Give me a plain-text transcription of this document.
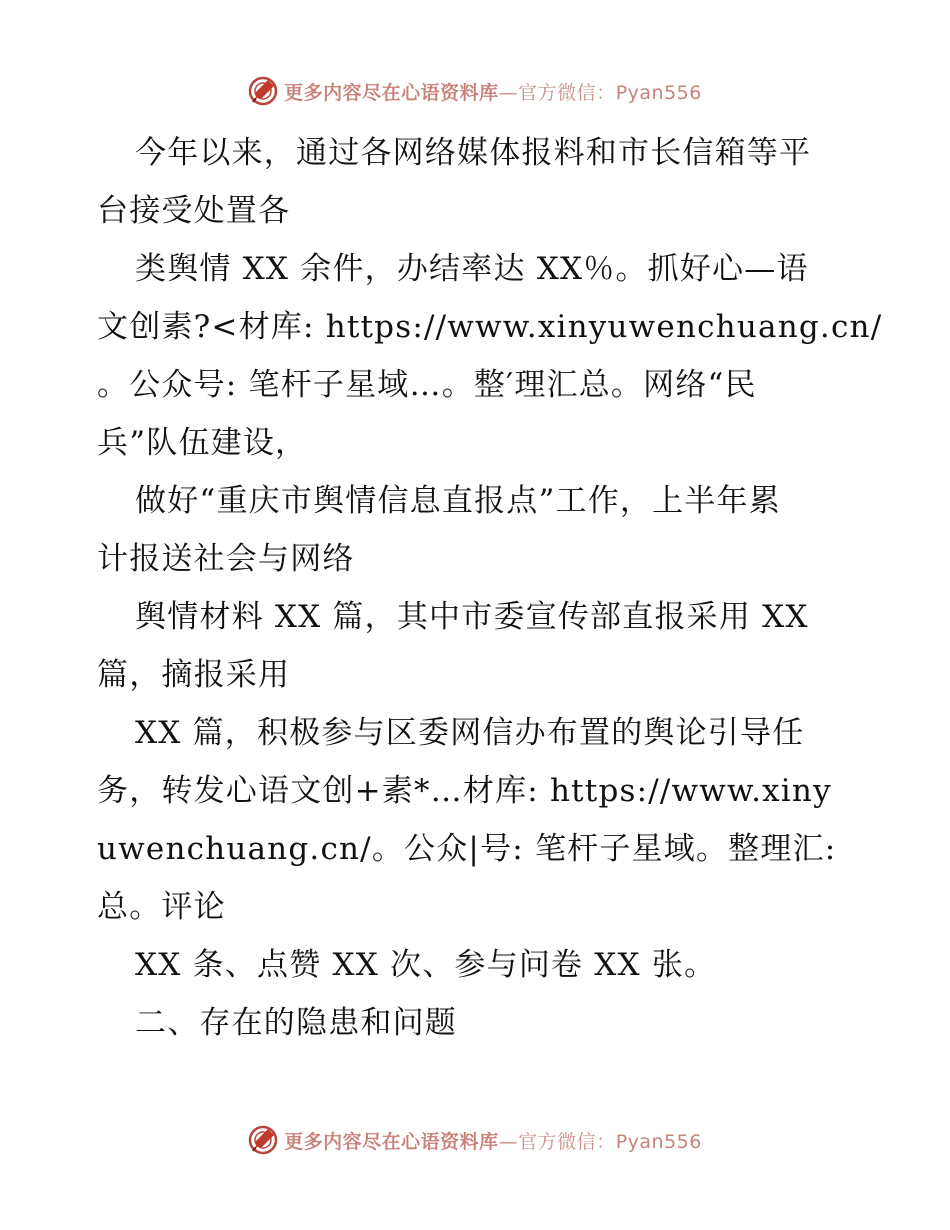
更多内容尽在心语资料库—官方微信：Pyan556
今年以来，通过各网络媒体报料和市长信箱等平
台接受处置各
类舆情 XX 余件，办结率达 XX％。抓好心—语
文创素?<材库: https://www.xinyuwenchuang.cn/
。公众号: 笔杆子星域…。整′理汇总。网络“民
兵”队伍建设，
做好“重庆市舆情信息直报点”工作，上半年累
计报送社会与网络
舆情材料 XX 篇，其中市委宣传部直报采用 XX
篇，摘报采用
XX 篇，积极参与区委网信办布置的舆论引导任
务，转发心语文创+素*…材库: https://www.xiny
uwenchuang.cn/。公众|号: 笔杆子星域。整理汇:
总。评论
XX 条、点赞 XX 次、参与问卷 XX 张。
二、存在的隐患和问题
更多内容尽在心语资料库—官方微信：Pyan556
